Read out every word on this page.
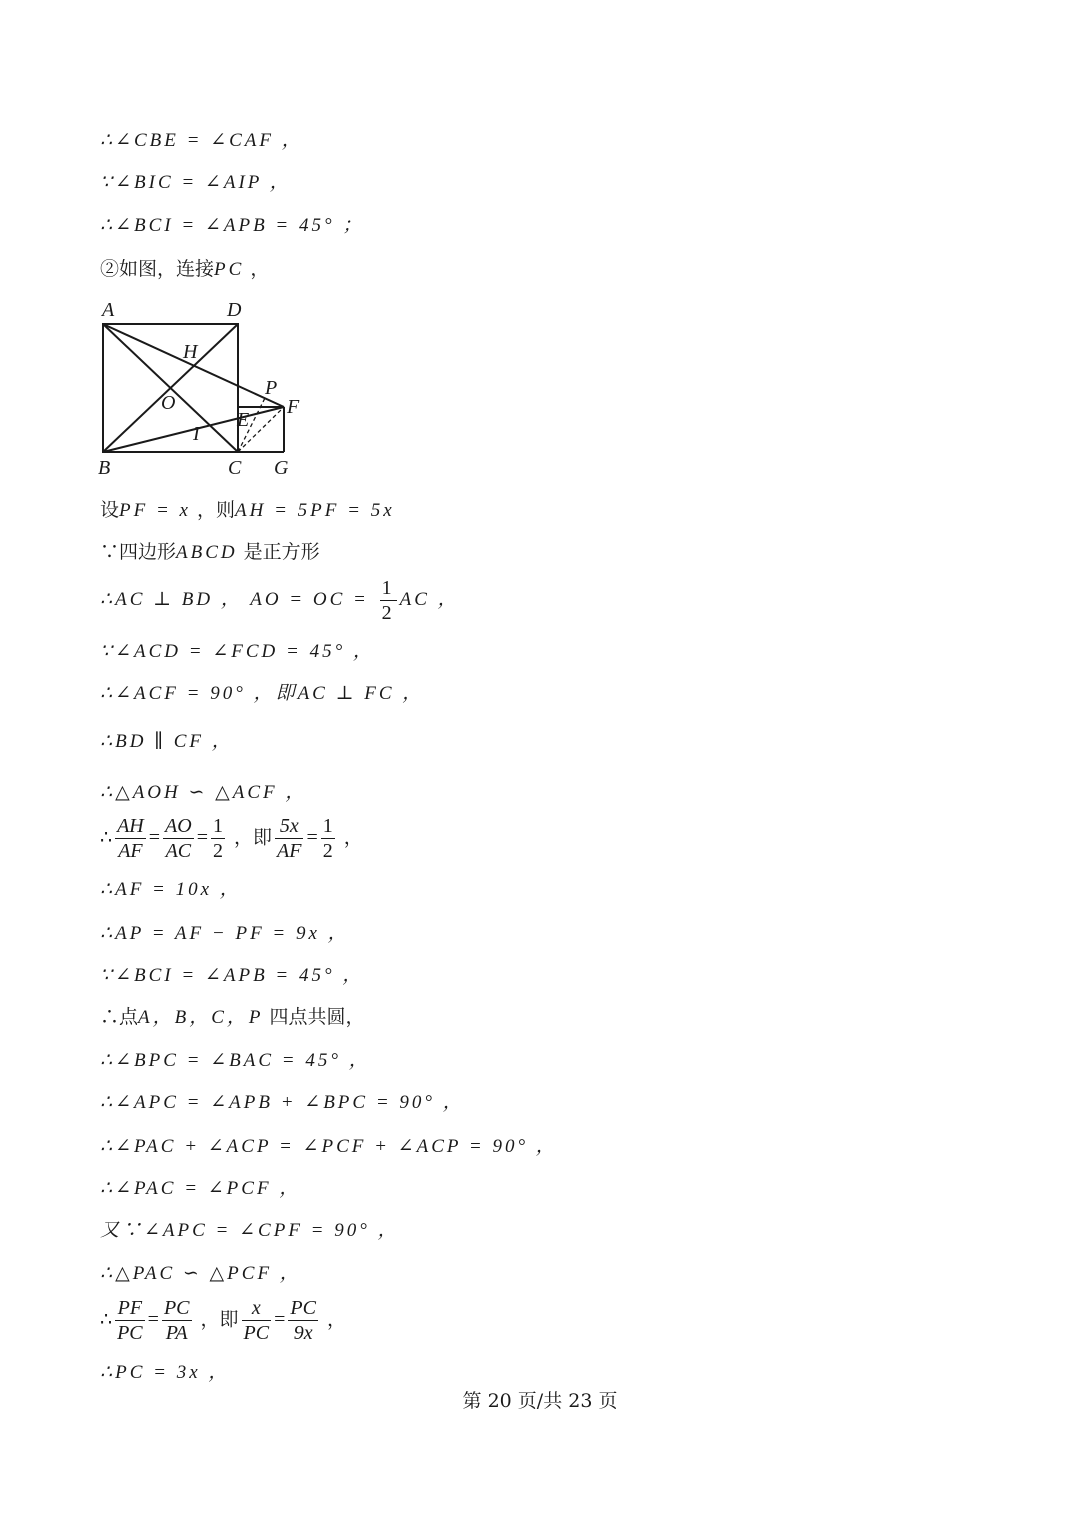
∴∠CBE = ∠CAF ，
∵∠BIC = ∠AIP ，
∴∠BCI = ∠APB = 45° ；
②如图，连接PC ，
A	D
H
P
F
O
E
I
B	C G
设PF = x ，则AH = 5PF = 5x
∵四边形ABCD 是正方形
∴AC ⊥ BD ， AO = OC = $\frac{1}{2}$ AC ，
∵∠ACD = ∠FCD = 45° ，
∴∠ACF = 90° ，即AC ⊥ FC ，
∴BD ∥ CF ，
∴△AOH ∽ △ACF ，
∴ $\frac{AH}{AF} = \frac{AO}{AC} = \frac{1}{2}$ ，即 $\frac{5x}{AF} = \frac{1}{2}$ ，
∴AF = 10x ，
∴AP = AF − PF = 9x ，
∵∠BCI = ∠APB = 45° ，
∴点A，B，C，P 四点共圆，
∴∠BPC = ∠BAC = 45° ，
∴∠APC = ∠APB + ∠BPC = 90° ，
∴∠PAC + ∠ACP = ∠PCF + ∠ACP = 90° ，
∴∠PAC = ∠PCF ，
又∵∠APC = ∠CPF = 90° ，
∴△PAC ∽ △PCF ，
∴ $\frac{PF}{PC} = \frac{PC}{PA}$ ，即 $\frac{x}{PC} = \frac{PC}{9x}$ ，
∴PC = 3x ，
第 20 页/共 23 页
